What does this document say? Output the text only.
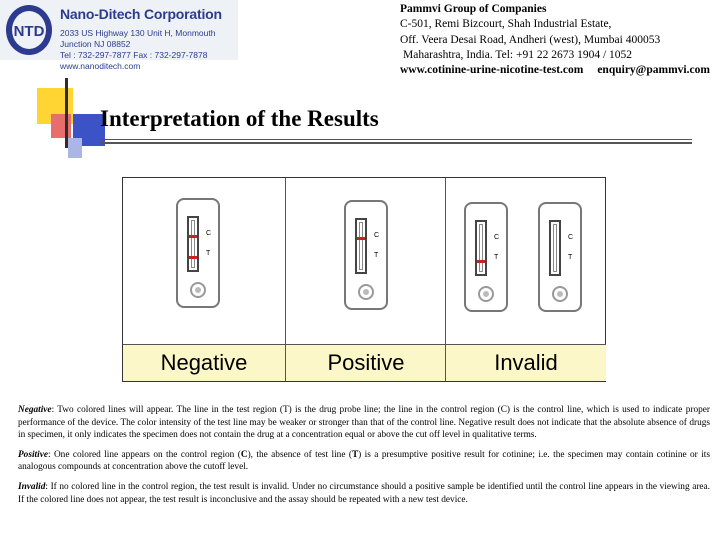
NTD
Nano-Ditech Corporation
2033 US Highway 130 Unit H, Monmouth Junction NJ 08852
Tel : 732-297-7877 Fax : 732-297-7878 www.nanoditech.com
Pammvi Group of Companies
C-501, Remi Bizcourt, Shah Industrial Estate,
Off. Veera Desai Road, Andheri (west), Mumbai 400053
Maharashtra, India. Tel: +91 22 2673 1904 / 1052
www.cotinine-urine-nicotine-test.com enquiry@pammvi.com
Interpretation of the Results
C
T
Negative
C
T
Positive
C
T
C
T
Invalid

Negative: Two colored lines will appear. The line in the test region (T) is the drug probe line; the line in the control region (C) is the control line, which is used to indicate proper performance of the device. The color intensity of the test line may be weaker or stronger than that of the control line. Negative result does not indicate that the absolute absence of drugs in specimen, it only indicates the specimen does not contain the drug at a concentration equal or above the cut off level in qualitative terms.

Positive: One colored line appears on the control region (C), the absence of test line (T) is a presumptive positive result for cotinine; i.e. the specimen may contain cotinine or its analogous compounds at concentration above the cutoff level.

Invalid: If no colored line in the control region, the test result is invalid. Under no circumstance should a positive sample be identified until the control line appears in the viewing area. If the colored line does not appear, the test result is inconclusive and the assay should be repeated with a new test device.
